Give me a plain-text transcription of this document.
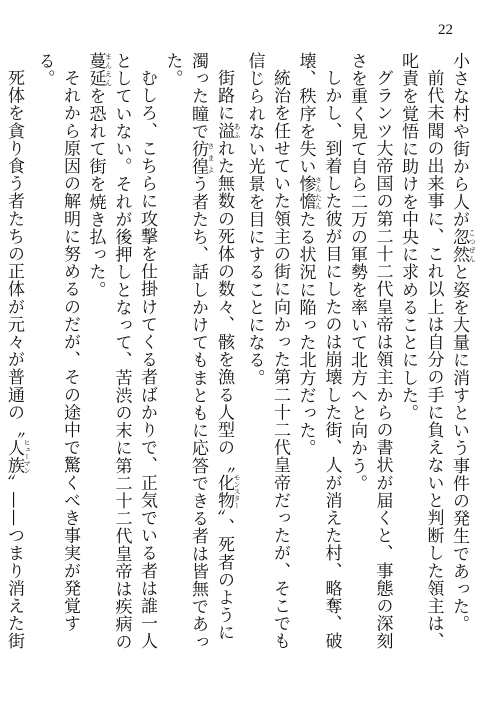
22

小さな村や街から人が忽然 こつぜんと姿を大量に消すという事件の発生であった。

前代未聞の出来事に、これ以上は自分の手に負えないと判断した領主は、叱責を覚悟に助けを中央に求めることにした。

グランツ大帝国の第二十二代皇帝は領主からの書状が届くと、事態の深刻さを重く見て自ら二万の軍勢を率いて北方へと向かう。

しかし、到着した彼が目にしたのは崩壊した街、人が消えた村、略奪、破壊、秩序を失い惨憺 さんたんたる状況に陥った北方だった。

統治を任せていた領主の街に向かった第二十二代皇帝だったが、そこでも信じられない光景を目にすることになる。

街路に溢 あふれた無数の死体の数々、骸を漁る人型の〝化物 モンスター〟、死者のように濁った瞳で彷徨 さまよう者たち、話しかけてもまともに応答できる者は皆無であった。

むしろ、こちらに攻撃を仕掛けてくる者ばかりで、正気でいる者は誰一人としていない。それが後押しとなって、苦渋の末に第二十二代皇帝は疾病の蔓延 まんえんを恐れて街を焼き払った。

それから原因の解明に努めるのだが、その途中で驚くべき事実が発覚する。

死体を貪り食う者たちの正体が元々が普通の〝人族 ヒューマン〟——つまり消えた街
